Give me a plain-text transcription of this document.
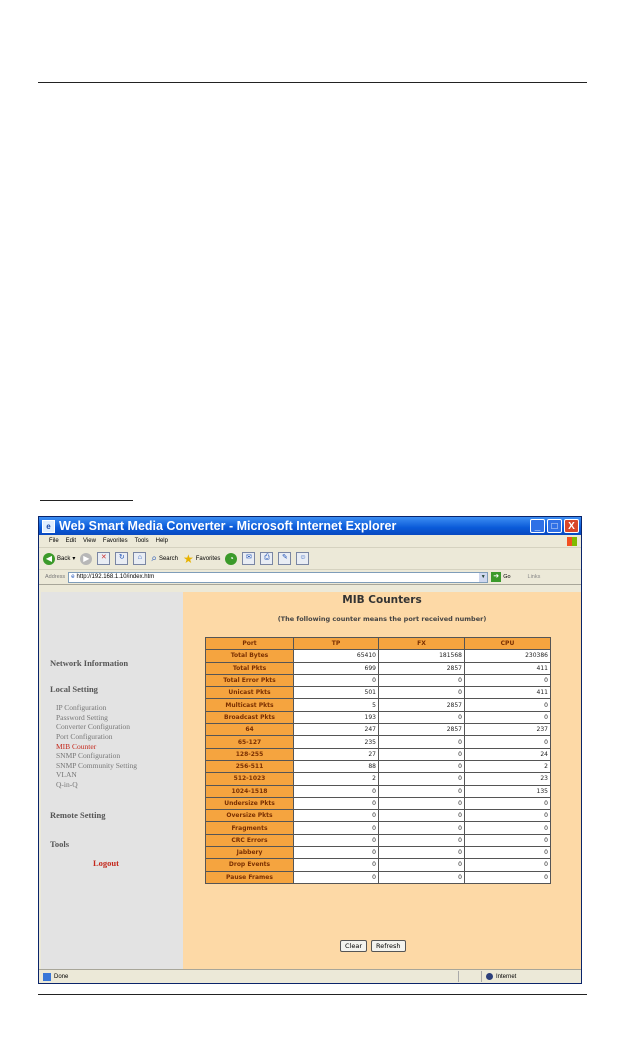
e Web Smart Media Converter - Microsoft Internet Explorer	_	□	X
File Edit View Favorites Tools Help
◀ Back ▾ ▶	✕	↻	⌂ ⌕ Search ★ Favorites	◔	✉	⎙	✎	☺
Address e http://192.168.1.10/index.htm	▼ ➜ Go	Links
Network Information
Local Setting
IP Configuration
Password Setting
Converter Configuration
Port Configuration
MIB Counter
SNMP Configuration
SNMP Community Setting
VLAN
Q-in-Q
Remote Setting
Tools
Logout
MIB Counters
(The following counter means the port received number)
Port	TP	FX	CPU
Total Bytes	65410	181568	230386
Total Pkts	699	2857	411
Total Error Pkts	0	0	0
Unicast Pkts	501	0	411
Multicast Pkts	5	2857	0
Broadcast Pkts	193	0	0
64	247	2857	237
65-127	235	0	0
128-255	27	0	24
256-511	88	0	2
512-1023	2	0	23
1024-1518	0	0	135
Undersize Pkts	0	0	0
Oversize Pkts	0	0	0
Fragments	0	0	0
CRC Errors	0	0	0
Jabbery	0	0	0
Drop Events	0	0	0
Pause Frames	0	0	0
Clear	Refresh
Done	Internet
